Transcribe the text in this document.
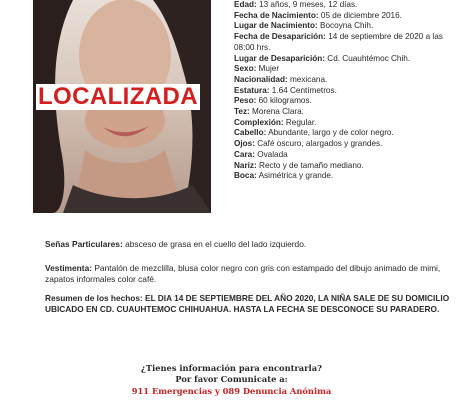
LOCALIZADA
Edad: 13 años, 9 meses, 12 días.
Fecha de Nacimiento: 05 de diciembre 2016.
Lugar de Nacimiento: Bocoyna Chih.
Fecha de Desaparición: 14 de septiembre de 2020 a las 08:00 hrs.
Lugar de Desaparición: Cd. Cuauhtémoc Chih.
Sexo: Mujer
Nacionalidad: mexicana.
Estatura: 1.64 Centímetros.
Peso: 60 kilogramos.
Tez: Morena Clara.
Complexión: Regular.
Cabello: Abundante, largo y de color negro.
Ojos: Café oscuro, alargados y grandes.
Cara: Ovalada
Nariz: Recto y de tamaño mediano.
Boca: Asimétrica y grande.
Señas Particulares: absceso de grasa en el cuello del lado izquierdo.
Vestimenta: Pantalón de mezclilla, blusa color negro con gris con estampado del dibujo animado de mimi, zapatos informales color café.
Resumen de los hechos: EL DIA 14 DE SEPTIEMBRE DEL AÑO 2020, LA NIÑA SALE DE SU DOMICILIO UBICADO EN CD. CUAUHTEMOC CHIHUAHUA. HASTA LA FECHA SE DESCONOCE SU PARADERO.
¿Tienes información para encontrarla?
Por favor Comunicate a:
911 Emergencias y 089 Denuncia Anónima
